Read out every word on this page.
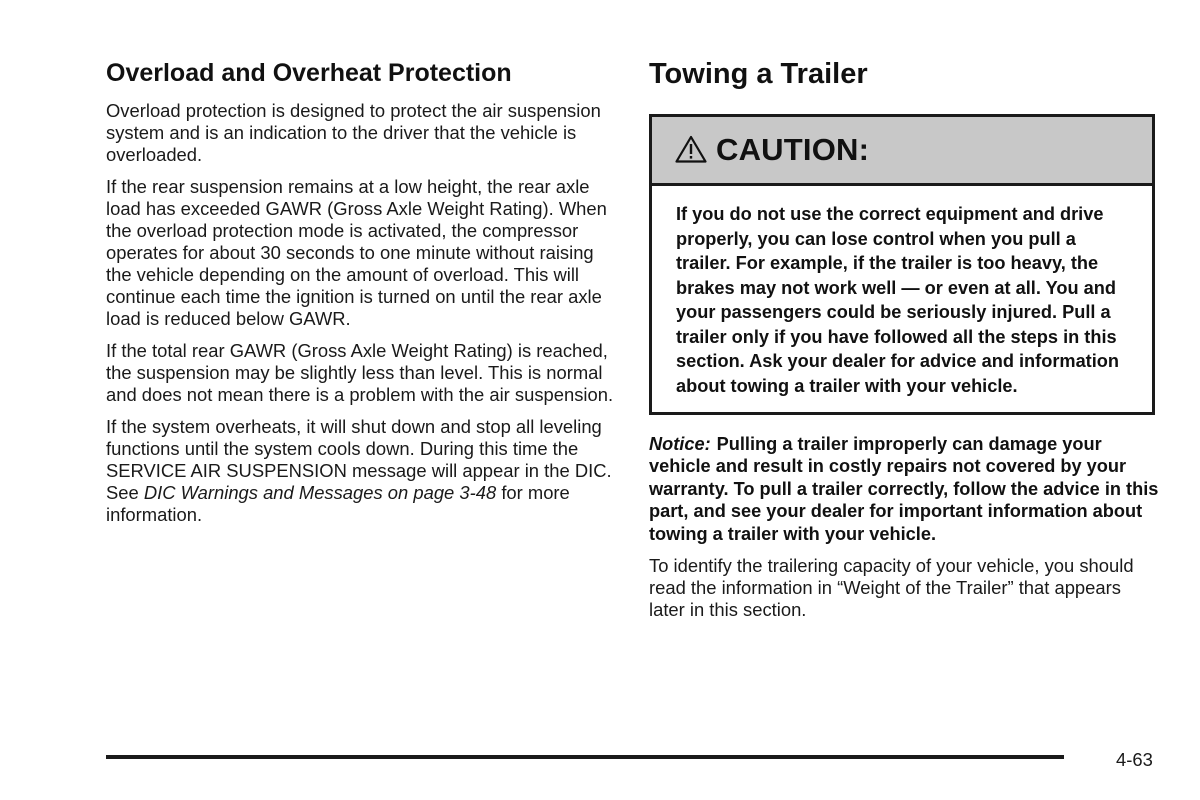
Overload and Overheat Protection

Overload protection is designed to protect the air suspension system and is an indication to the driver that the vehicle is overloaded.

If the rear suspension remains at a low height, the rear axle load has exceeded GAWR (Gross Axle Weight Rating). When the overload protection mode is activated, the compressor operates for about 30 seconds to one minute without raising the vehicle depending on the amount of overload. This will continue each time the ignition is turned on until the rear axle load is reduced below GAWR.

If the total rear GAWR (Gross Axle Weight Rating) is reached, the suspension may be slightly less than level. This is normal and does not mean there is a problem with the air suspension.

If the system overheats, it will shut down and stop all leveling functions until the system cools down. During this time the SERVICE AIR SUSPENSION message will appear in the DIC. See DIC Warnings and Messages on page 3-48 for more information.

Towing a Trailer
CAUTION:
If you do not use the correct equipment and drive properly, you can lose control when you pull a trailer. For example, if the trailer is too heavy, the brakes may not work well — or even at all. You and your passengers could be seriously injured. Pull a trailer only if you have followed all the steps in this section. Ask your dealer for advice and information about towing a trailer with your vehicle.

Notice: Pulling a trailer improperly can damage your vehicle and result in costly repairs not covered by your warranty. To pull a trailer correctly, follow the advice in this part, and see your dealer for important information about towing a trailer with your vehicle.

To identify the trailering capacity of your vehicle, you should read the information in “Weight of the Trailer” that appears later in this section.

4-63
